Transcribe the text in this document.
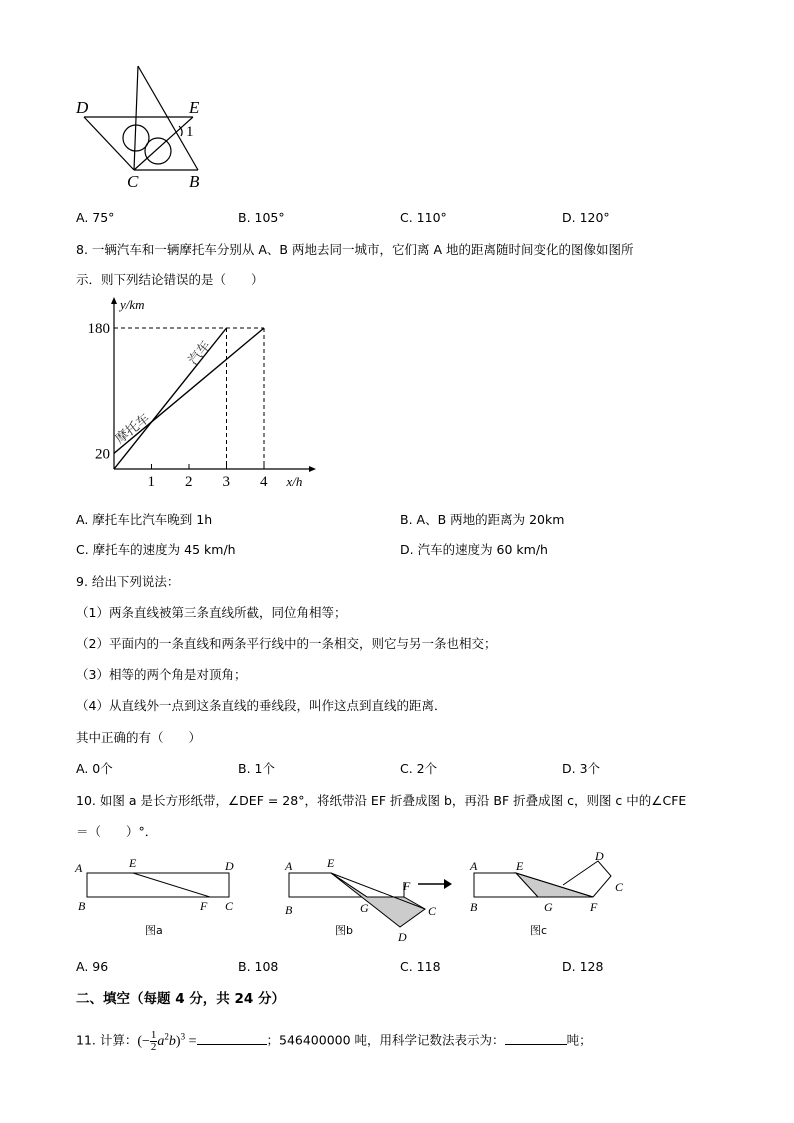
D	E
1
C	B
A. 75°	B. 105°	C. 110°	D. 120°
8. 一辆汽车和一辆摩托车分别从 A、B 两地去同一城市，它们离 A 地的距离随时间变化的图像如图所
示．则下列结论错误的是（　　）
x/h
y/km
1 2 3 4
20
180
汽车
摩托车
A. 摩托车比汽车晚到 1h	B. A、B 两地的距离为 20km
C. 摩托车的速度为 45 km/h	D. 汽车的速度为 60 km/h
9. 给出下列说法：
（1）两条直线被第三条直线所截，同位角相等；
（2）平面内的一条直线和两条平行线中的一条相交，则它与另一条也相交；
（3）相等的两个角是对顶角；
（4）从直线外一点到这条直线的垂线段，叫作这点到直线的距离．
其中正确的有（　　）
A. 0个	B. 1个	C. 2个	D. 3个
10. 如图 a 是长方形纸带，∠DEF = 28°，将纸带沿 EF 折叠成图 b，再沿 BF 折叠成图 c，则图 c 中的∠CFE
＝（　　）°．
A	E	D
B	F C
图a
A	E
F
G	C
B
D
图b
A	E
D
C
B	G	F
图c
A. 96	B. 108	C. 118	D. 128
二、填空（每题 4 分，共 24 分）
11. 计算：(− $\frac{1}{2} a^2b)^3$ =	；546400000 吨，用科学记数法表示为：	吨；
